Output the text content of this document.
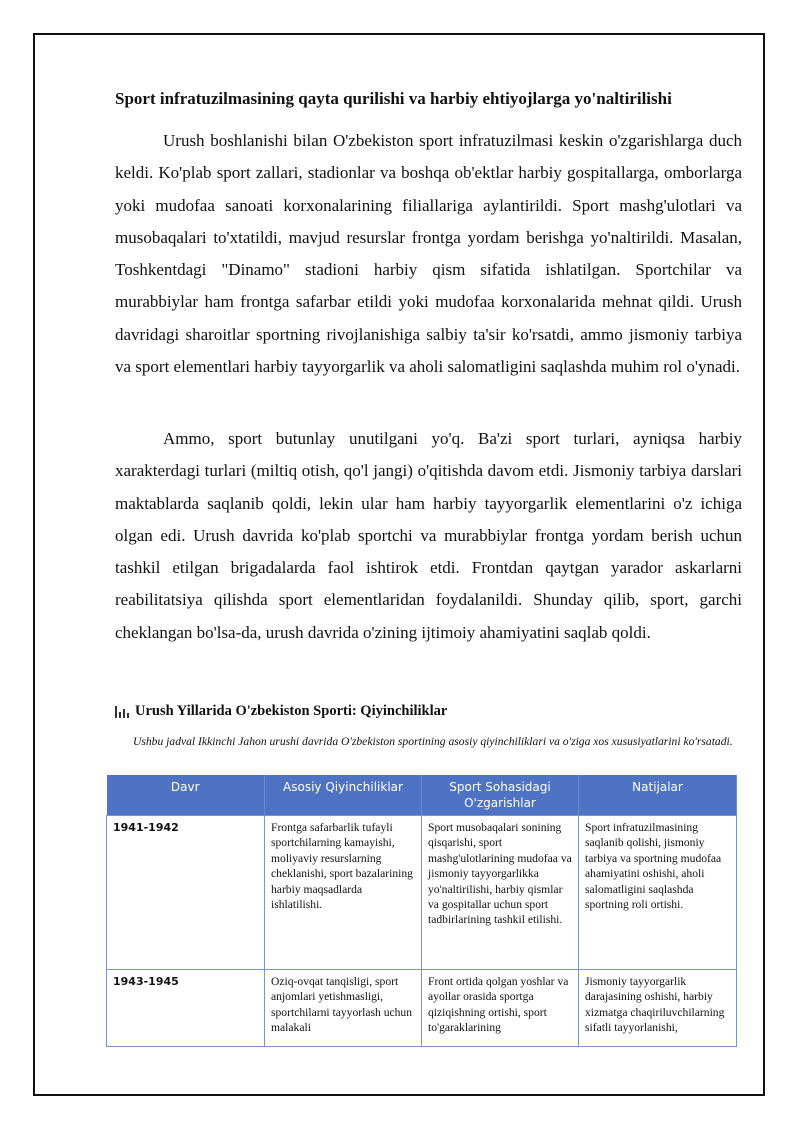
Sport infratuzilmasining qayta qurilishi va harbiy ehtiyojlarga yo'naltirilishi

Urush boshlanishi bilan O'zbekiston sport infratuzilmasi keskin o'zgarishlarga duch keldi. Ko'plab sport zallari, stadionlar va boshqa ob'ektlar harbiy gospitallarga, omborlarga yoki mudofaa sanoati korxonalarining filiallariga aylantirildi. Sport mashg'ulotlari va musobaqalari to'xtatildi, mavjud resurslar frontga yordam berishga yo'naltirildi. Masalan, Toshkentdagi "Dinamo" stadioni harbiy qism sifatida ishlatilgan. Sportchilar va murabbiylar ham frontga safarbar etildi yoki mudofaa korxonalarida mehnat qildi. Urush davridagi sharoitlar sportning rivojlanishiga salbiy ta'sir ko'rsatdi, ammo jismoniy tarbiya va sport elementlari harbiy tayyorgarlik va aholi salomatligini saqlashda muhim rol o'ynadi.

Ammo, sport butunlay unutilgani yo'q. Ba'zi sport turlari, ayniqsa harbiy xarakterdagi turlari (miltiq otish, qo'l jangi) o'qitishda davom etdi. Jismoniy tarbiya darslari maktablarda saqlanib qoldi, lekin ular ham harbiy tayyorgarlik elementlarini o'z ichiga olgan edi. Urush davrida ko'plab sportchi va murabbiylar frontga yordam berish uchun tashkil etilgan brigadalarda faol ishtirok etdi. Frontdan qaytgan yarador askarlarni reabilitatsiya qilishda sport elementlaridan foydalanildi. Shunday qilib, sport, garchi cheklangan bo'lsa-da, urush davrida o'zining ijtimoiy ahamiyatini saqlab qoldi.

Urush Yillarida O'zbekiston Sporti: Qiyinchiliklar
Ushbu jadval Ikkinchi Jahon urushi davrida O'zbekiston sportining asosiy qiyinchiliklari va o'ziga xos xususiyatlarini ko'rsatadi.
Davr	Asosiy Qiyinchiliklar	Sport Sohasidagi O'zgarishlar	Natijalar
1941-1942	Frontga safarbarlik tufayli sportchilarning kamayishi, moliyaviy resurslarning cheklanishi, sport bazalarining harbiy maqsadlarda ishlatilishi.	Sport musobaqalari sonining qisqarishi, sport mashg'ulotlarining mudofaa va jismoniy tayyorgarlikka yo'naltirilishi, harbiy qismlar va gospitallar uchun sport tadbirlarining tashkil etilishi.	Sport infratuzilmasining saqlanib qolishi, jismoniy tarbiya va sportning mudofaa ahamiyatini oshishi, aholi salomatligini saqlashda sportning roli ortishi.

1943-1945	Oziq-ovqat tanqisligi, sport anjomlari yetishmasligi, sportchilarni tayyorlash uchun malakali	Front ortida qolgan yoshlar va ayollar orasida sportga qiziqishning ortishi, sport to'garaklarining	Jismoniy tayyorgarlik darajasining oshishi, harbiy xizmatga chaqiriluvchilarning sifatli tayyorlanishi,
